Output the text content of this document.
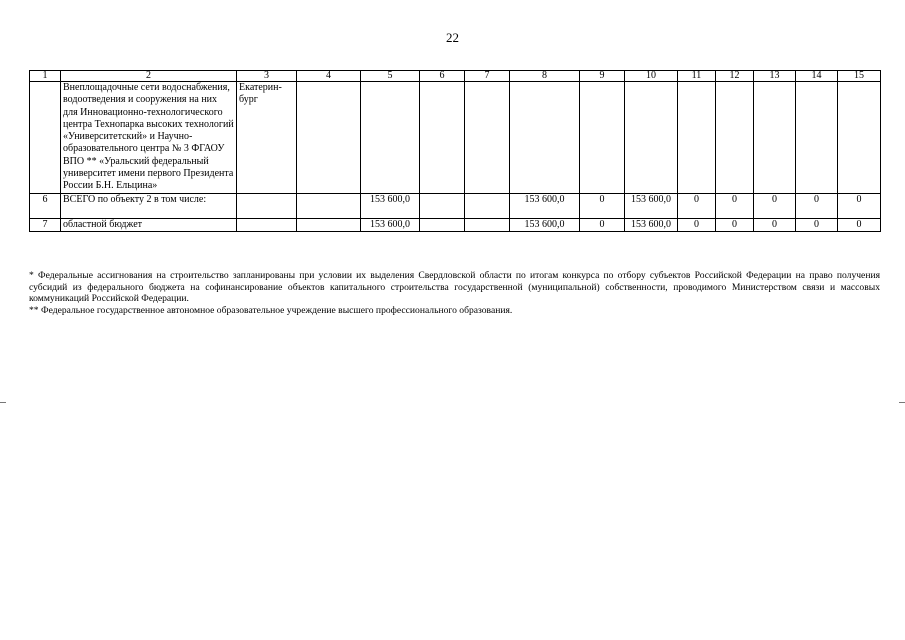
22
1	2	3	4	5	6	7	8	9	10	11	12	13	14	15
	Внеплощадочные сети водоснабжения, водоотведения и сооружения на них для Инновационно-технологического центра Технопарка высоких технологий «Университетский» и Научно-образовательного центра № 3 ФГАОУ ВПО ** «Уральский федеральный университет имени первого Президента России Б.Н. Ельцина»	Екатерин-бург												
6	ВСЕГО по объекту 2 в том числе:			153 600,0			153 600,0	0	153 600,0	0	0	0	0	0
7	областной бюджет			153 600,0			153 600,0	0	153 600,0	0	0	0	0	0

* Федеральные ассигнования на строительство запланированы при условии их выделения Свердловской области по итогам конкурса по отбору субъектов Российской Федерации на право получения субсидий из федерального бюджета на софинансирование объектов капитального строительства государственной (муниципальной) собственности, проводимого Министерством связи и массовых коммуникаций Российской Федерации.

** Федеральное государственное автономное образовательное учреждение высшего профессионального образования.
